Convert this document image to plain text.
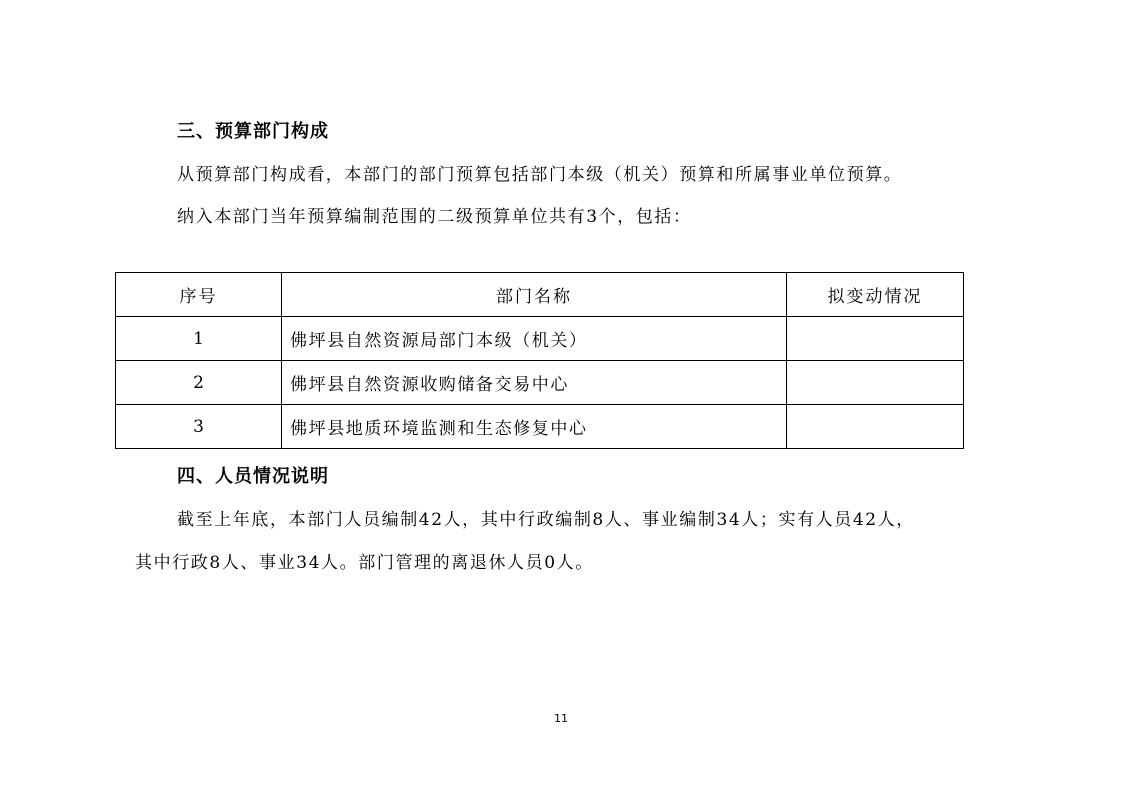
三、预算部门构成

从预算部门构成看，本部门的部门预算包括部门本级（机关）预算和所属事业单位预算。

纳入本部门当年预算编制范围的二级预算单位共有3个，包括：

序号	部门名称	拟变动情况
1	佛坪县自然资源局部门本级（机关）	
2	佛坪县自然资源收购储备交易中心	
3	佛坪县地质环境监测和生态修复中心	
四、人员情况说明

截至上年底，本部门人员编制42人，其中行政编制8人、事业编制34人；实有人员42人，

其中行政8人、事业34人。部门管理的离退休人员0人。

11
